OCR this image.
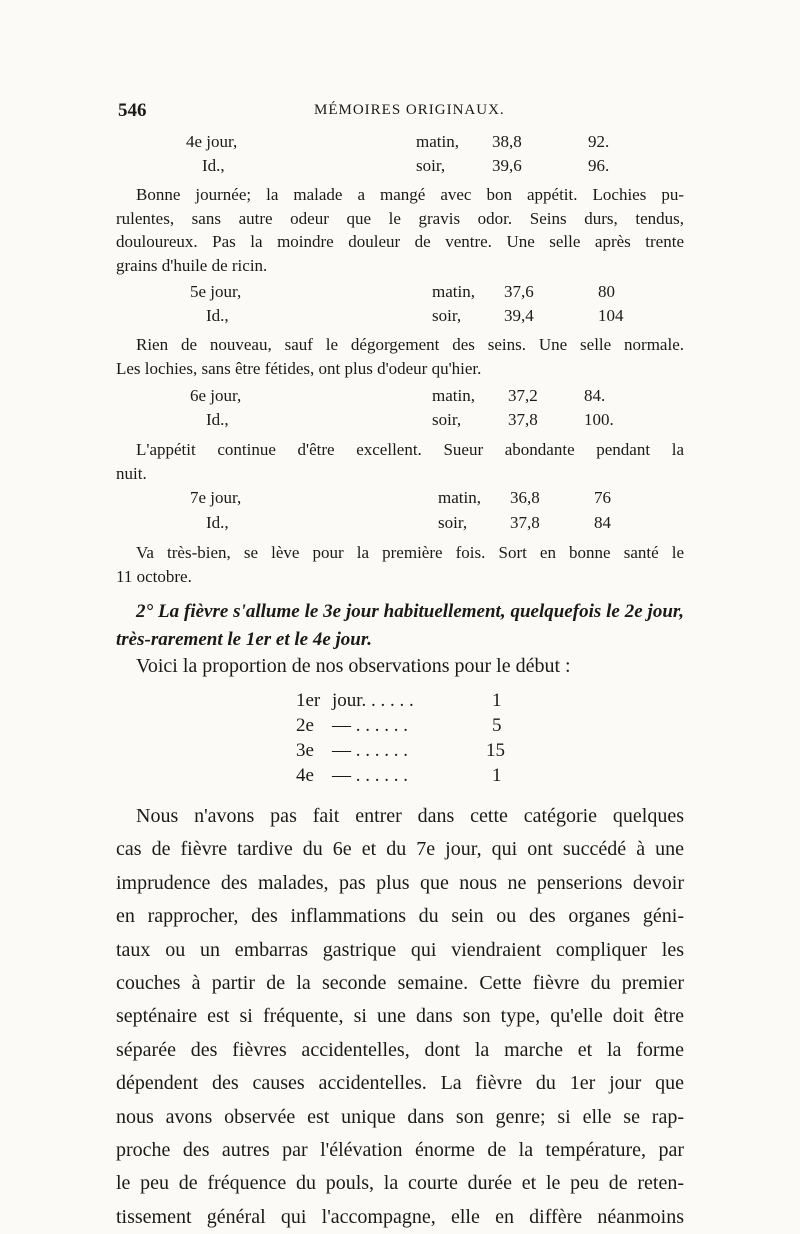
546	MÉMOIRES ORIGINAUX.
4e jour,	matin, 38,8	92.
Id.,	soir,	39,6	96.
Bonne journée; la malade a mangé avec bon appétit. Lochies pu-
rulentes, sans autre odeur que le gravis odor. Seins durs, tendus,
douloureux. Pas la moindre douleur de ventre. Une selle après trente
grains d'huile de ricin.
5e jour,	matin, 37,6	80
Id.,	soir,	39,4	104
Rien de nouveau, sauf le dégorgement des seins. Une selle normale.
Les lochies, sans être fétides, ont plus d'odeur qu'hier.
6e jour,	matin, 37,2	84.
Id.,	soir,	37,8	100.
L'appétit continue d'être excellent. Sueur abondante pendant la
nuit.
7e jour,	matin, 36,8	76
Id.,	soir,	37,8	84
Va très-bien, se lève pour la première fois. Sort en bonne santé le
11 octobre.
2° La fièvre s'allume le 3e jour habituellement, quelquefois le 2e jour,
très-rarement le 1er et le 4e jour.
Voici la proportion de nos observations pour le début :
1er jour. . . . . .	1
2e — . . . . . .	5
3e — . . . . . .	15
4e — . . . . . .	1
Nous n'avons pas fait entrer dans cette catégorie quelques
cas de fièvre tardive du 6e et du 7e jour, qui ont succédé à une
imprudence des malades, pas plus que nous ne penserions devoir
en rapprocher, des inflammations du sein ou des organes géni-
taux ou un embarras gastrique qui viendraient compliquer les
couches à partir de la seconde semaine. Cette fièvre du premier
septénaire est si fréquente, si une dans son type, qu'elle doit être
séparée des fièvres accidentelles, dont la marche et la forme
dépendent des causes accidentelles. La fièvre du 1er jour que
nous avons observée est unique dans son genre; si elle se rap-
proche des autres par l'élévation énorme de la température, par
le peu de fréquence du pouls, la courte durée et le peu de reten-
tissement général qui l'accompagne, elle en diffère néanmoins
